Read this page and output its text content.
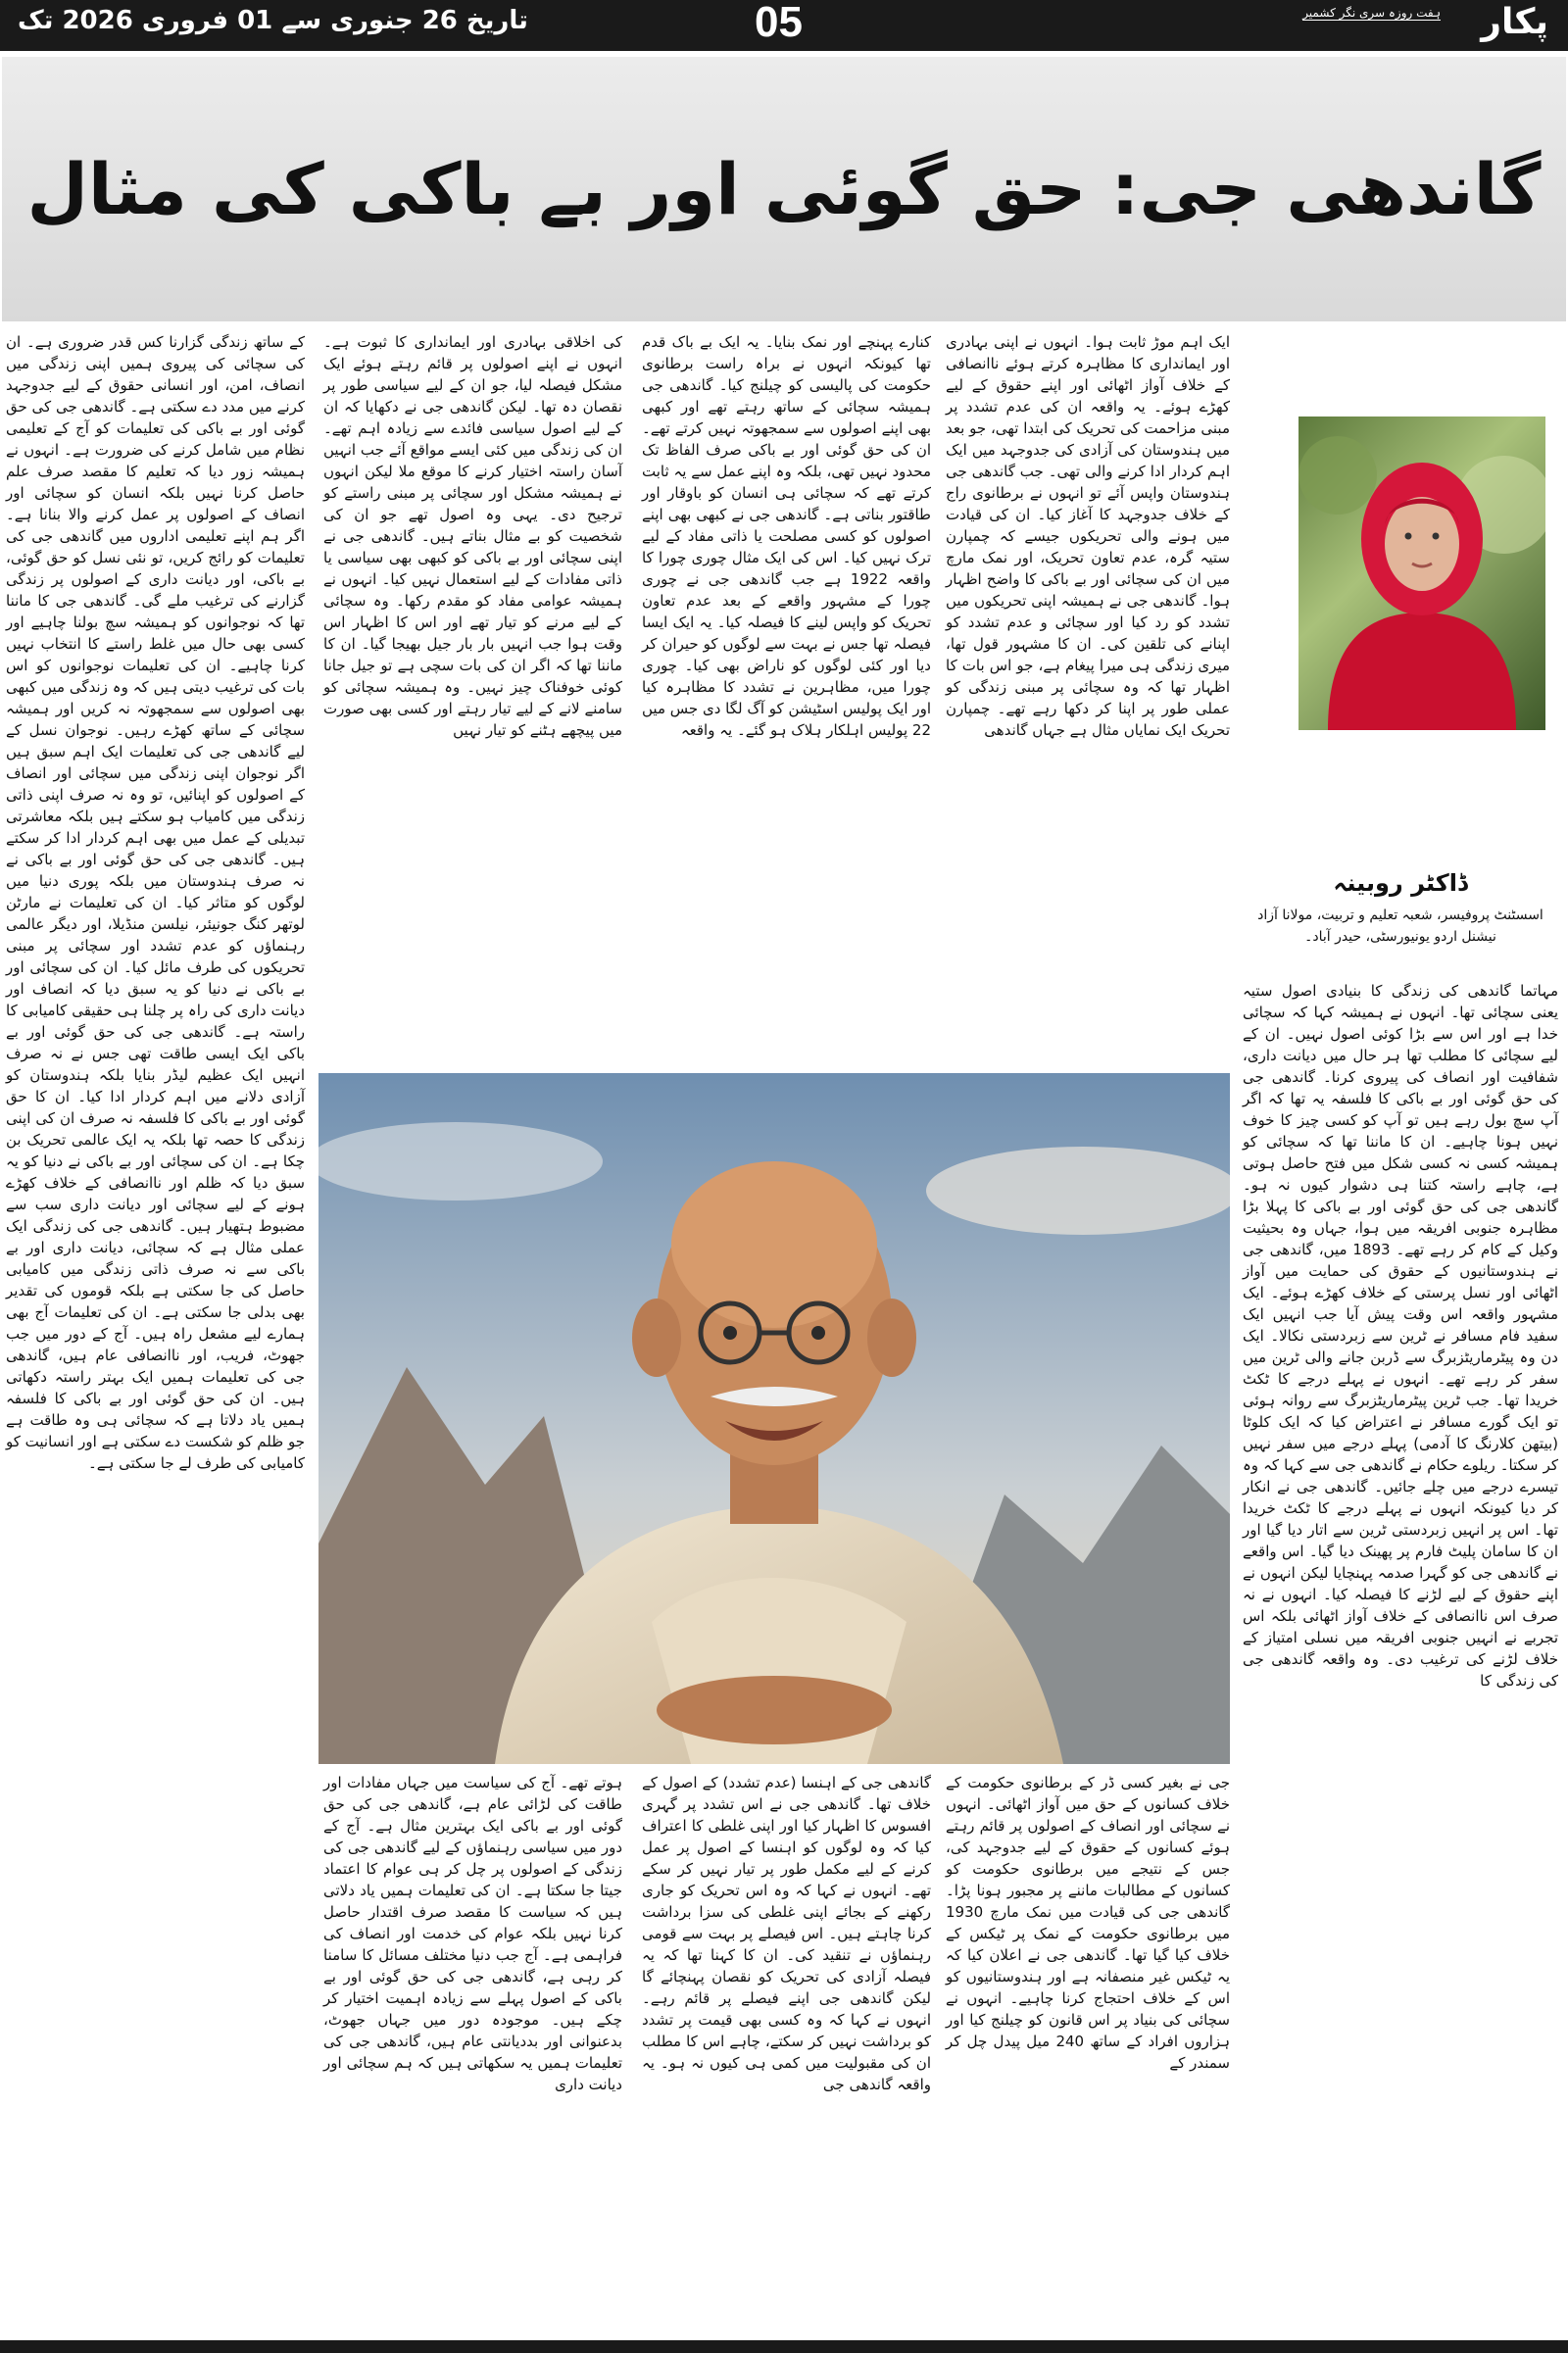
تاریخ 26 جنوری سے 01 فروری 2026 تک	05	ہفت روزہ سری نگر کشمیر پکار
گاندھی جی: حق گوئی اور بے باکی کی مثال
ڈاکٹر روبینہ
اسسٹنٹ پروفیسر، شعبہ تعلیم و تربیت، مولانا آزاد نیشنل اردو یونیورسٹی، حیدر آباد۔

مہاتما گاندھی کی زندگی کا بنیادی اصول ستیہ یعنی سچائی تھا۔ انہوں نے ہمیشہ کہا کہ سچائی خدا ہے اور اس سے بڑا کوئی اصول نہیں۔ ان کے لیے سچائی کا مطلب تھا ہر حال میں دیانت داری، شفافیت اور انصاف کی پیروی کرنا۔ گاندھی جی کی حق گوئی اور بے باکی کا فلسفہ یہ تھا کہ اگر آپ سچ بول رہے ہیں تو آپ کو کسی چیز کا خوف نہیں ہونا چاہیے۔ ان کا ماننا تھا کہ سچائی کو ہمیشہ کسی نہ کسی شکل میں فتح حاصل ہوتی ہے، چاہے راستہ کتنا ہی دشوار کیوں نہ ہو۔ گاندھی جی کی حق گوئی اور بے باکی کا پہلا بڑا مظاہرہ جنوبی افریقہ میں ہوا، جہاں وہ بحیثیت وکیل کے کام کر رہے تھے۔ 1893 میں، گاندھی جی نے ہندوستانیوں کے حقوق کی حمایت میں آواز اٹھائی اور نسل پرستی کے خلاف کھڑے ہوئے۔ ایک مشہور واقعہ اس وقت پیش آیا جب انہیں ایک سفید فام مسافر نے ٹرین سے زبردستی نکالا۔ ایک دن وہ پیٹرماریٹزبرگ سے ڈربن جانے والی ٹرین میں سفر کر رہے تھے۔ انہوں نے پہلے درجے کا ٹکٹ خریدا تھا۔ جب ٹرین پیٹرماریٹزبرگ سے روانہ ہوئی تو ایک گورے مسافر نے اعتراض کیا کہ ایک کلوٹا (بیتھن کلارنگ کا آدمی) پہلے درجے میں سفر نہیں کر سکتا۔ ریلوے حکام نے گاندھی جی سے کہا کہ وہ تیسرے درجے میں چلے جائیں۔ گاندھی جی نے انکار کر دیا کیونکہ انہوں نے پہلے درجے کا ٹکٹ خریدا تھا۔ اس پر انہیں زبردستی ٹرین سے اتار دیا گیا اور ان کا سامان پلیٹ فارم پر پھینک دیا گیا۔ اس واقعے نے گاندھی جی کو گہرا صدمہ پہنچایا لیکن انہوں نے اپنے حقوق کے لیے لڑنے کا فیصلہ کیا۔ انہوں نے نہ صرف اس ناانصافی کے خلاف آواز اٹھائی بلکہ اس تجربے نے انہیں جنوبی افریقہ میں نسلی امتیاز کے خلاف لڑنے کی ترغیب دی۔ وہ واقعہ گاندھی جی کی زندگی کا

ایک اہم موڑ ثابت ہوا۔ انہوں نے اپنی بہادری اور ایمانداری کا مظاہرہ کرتے ہوئے ناانصافی کے خلاف آواز اٹھائی اور اپنے حقوق کے لیے کھڑے ہوئے۔ یہ واقعہ ان کی عدم تشدد پر مبنی مزاحمت کی تحریک کی ابتدا تھی، جو بعد میں ہندوستان کی آزادی کی جدوجہد میں ایک اہم کردار ادا کرنے والی تھی۔ جب گاندھی جی ہندوستان واپس آئے تو انہوں نے برطانوی راج کے خلاف جدوجہد کا آغاز کیا۔ ان کی قیادت میں ہونے والی تحریکوں جیسے کہ چمپارن ستیہ گرہ، عدم تعاون تحریک، اور نمک مارچ میں ان کی سچائی اور بے باکی کا واضح اظہار ہوا۔ گاندھی جی نے ہمیشہ اپنی تحریکوں میں تشدد کو رد کیا اور سچائی و عدم تشدد کو اپنانے کی تلقین کی۔ ان کا مشہور قول تھا، میری زندگی ہی میرا پیغام ہے، جو اس بات کا اظہار تھا کہ وہ سچائی پر مبنی زندگی کو عملی طور پر اپنا کر دکھا رہے تھے۔ چمپارن تحریک ایک نمایاں مثال ہے جہاں گاندھی

کنارے پہنچے اور نمک بنایا۔ یہ ایک بے باک قدم تھا کیونکہ انہوں نے براہ راست برطانوی حکومت کی پالیسی کو چیلنج کیا۔ گاندھی جی ہمیشہ سچائی کے ساتھ رہتے تھے اور کبھی بھی اپنے اصولوں سے سمجھوتہ نہیں کرتے تھے۔ ان کی حق گوئی اور بے باکی صرف الفاظ تک محدود نہیں تھی، بلکہ وہ اپنے عمل سے یہ ثابت کرتے تھے کہ سچائی ہی انسان کو باوقار اور طاقتور بناتی ہے۔ گاندھی جی نے کبھی بھی اپنے اصولوں کو کسی مصلحت یا ذاتی مفاد کے لیے ترک نہیں کیا۔ اس کی ایک مثال چوری چورا کا واقعہ 1922 ہے جب گاندھی جی نے چوری چورا کے مشہور واقعے کے بعد عدم تعاون تحریک کو واپس لینے کا فیصلہ کیا۔ یہ ایک ایسا فیصلہ تھا جس نے بہت سے لوگوں کو حیران کر دیا اور کئی لوگوں کو ناراض بھی کیا۔ چوری چورا میں، مظاہرین نے تشدد کا مظاہرہ کیا اور ایک پولیس اسٹیشن کو آگ لگا دی جس میں 22 پولیس اہلکار ہلاک ہو گئے۔ یہ واقعہ

کی اخلاقی بہادری اور ایمانداری کا ثبوت ہے۔ انہوں نے اپنے اصولوں پر قائم رہتے ہوئے ایک مشکل فیصلہ لیا، جو ان کے لیے سیاسی طور پر نقصان دہ تھا۔ لیکن گاندھی جی نے دکھایا کہ ان کے لیے اصول سیاسی فائدے سے زیادہ اہم تھے۔ ان کی زندگی میں کئی ایسے مواقع آئے جب انہیں آسان راستہ اختیار کرنے کا موقع ملا لیکن انہوں نے ہمیشہ مشکل اور سچائی پر مبنی راستے کو ترجیح دی۔ یہی وہ اصول تھے جو ان کی شخصیت کو بے مثال بناتے ہیں۔ گاندھی جی نے اپنی سچائی اور بے باکی کو کبھی بھی سیاسی یا ذاتی مفادات کے لیے استعمال نہیں کیا۔ انہوں نے ہمیشہ عوامی مفاد کو مقدم رکھا۔ وہ سچائی کے لیے مرنے کو تیار تھے اور اس کا اظہار اس وقت ہوا جب انہیں بار بار جیل بھیجا گیا۔ ان کا ماننا تھا کہ اگر ان کی بات سچی ہے تو جیل جانا کوئی خوفناک چیز نہیں۔ وہ ہمیشہ سچائی کو سامنے لانے کے لیے تیار رہتے اور کسی بھی صورت میں پیچھے ہٹنے کو تیار نہیں

کے ساتھ زندگی گزارنا کس قدر ضروری ہے۔ ان کی سچائی کی پیروی ہمیں اپنی زندگی میں انصاف، امن، اور انسانی حقوق کے لیے جدوجہد کرنے میں مدد دے سکتی ہے۔ گاندھی جی کی حق گوئی اور بے باکی کی تعلیمات کو آج کے تعلیمی نظام میں شامل کرنے کی ضرورت ہے۔ انہوں نے ہمیشہ زور دیا کہ تعلیم کا مقصد صرف علم حاصل کرنا نہیں بلکہ انسان کو سچائی اور انصاف کے اصولوں پر عمل کرنے والا بنانا ہے۔ اگر ہم اپنے تعلیمی اداروں میں گاندھی جی کی تعلیمات کو رائج کریں، تو نئی نسل کو حق گوئی، بے باکی، اور دیانت داری کے اصولوں پر زندگی گزارنے کی ترغیب ملے گی۔ گاندھی جی کا ماننا تھا کہ نوجوانوں کو ہمیشہ سچ بولنا چاہیے اور کسی بھی حال میں غلط راستے کا انتخاب نہیں کرنا چاہیے۔ ان کی تعلیمات نوجوانوں کو اس بات کی ترغیب دیتی ہیں کہ وہ زندگی میں کبھی بھی اصولوں سے سمجھوتہ نہ کریں اور ہمیشہ سچائی کے ساتھ کھڑے رہیں۔ نوجوان نسل کے لیے گاندھی جی کی تعلیمات ایک اہم سبق ہیں اگر نوجوان اپنی زندگی میں سچائی اور انصاف کے اصولوں کو اپنائیں، تو وہ نہ صرف اپنی ذاتی زندگی میں کامیاب ہو سکتے ہیں بلکہ معاشرتی تبدیلی کے عمل میں بھی اہم کردار ادا کر سکتے ہیں۔ گاندھی جی کی حق گوئی اور بے باکی نے نہ صرف ہندوستان میں بلکہ پوری دنیا میں لوگوں کو متاثر کیا۔ ان کی تعلیمات نے مارٹن لوتھر کنگ جونیئر، نیلسن منڈیلا، اور دیگر عالمی رہنماؤں کو عدم تشدد اور سچائی پر مبنی تحریکوں کی طرف مائل کیا۔ ان کی سچائی اور بے باکی نے دنیا کو یہ سبق دیا کہ انصاف اور دیانت داری کی راہ پر چلنا ہی حقیقی کامیابی کا راستہ ہے۔ گاندھی جی کی حق گوئی اور بے باکی ایک ایسی طاقت تھی جس نے نہ صرف انہیں ایک عظیم لیڈر بنایا بلکہ ہندوستان کو آزادی دلانے میں اہم کردار ادا کیا۔ ان کا حق گوئی اور بے باکی کا فلسفہ نہ صرف ان کی اپنی زندگی کا حصہ تھا بلکہ یہ ایک عالمی تحریک بن چکا ہے۔ ان کی سچائی اور بے باکی نے دنیا کو یہ سبق دیا کہ ظلم اور ناانصافی کے خلاف کھڑے ہونے کے لیے سچائی اور دیانت داری سب سے مضبوط ہتھیار ہیں۔ گاندھی جی کی زندگی ایک عملی مثال ہے کہ سچائی، دیانت داری اور بے باکی سے نہ صرف ذاتی زندگی میں کامیابی حاصل کی جا سکتی ہے بلکہ قوموں کی تقدیر بھی بدلی جا سکتی ہے۔ ان کی تعلیمات آج بھی ہمارے لیے مشعل راہ ہیں۔ آج کے دور میں جب جھوٹ، فریب، اور ناانصافی عام ہیں، گاندھی جی کی تعلیمات ہمیں ایک بہتر راستہ دکھاتی ہیں۔ ان کی حق گوئی اور بے باکی کا فلسفہ ہمیں یاد دلاتا ہے کہ سچائی ہی وہ طاقت ہے جو ظلم کو شکست دے سکتی ہے اور انسانیت کو کامیابی کی طرف لے جا سکتی ہے۔

جی نے بغیر کسی ڈر کے برطانوی حکومت کے خلاف کسانوں کے حق میں آواز اٹھائی۔ انہوں نے سچائی اور انصاف کے اصولوں پر قائم رہتے ہوئے کسانوں کے حقوق کے لیے جدوجہد کی، جس کے نتیجے میں برطانوی حکومت کو کسانوں کے مطالبات ماننے پر مجبور ہونا پڑا۔ گاندھی جی کی قیادت میں نمک مارچ 1930 میں برطانوی حکومت کے نمک پر ٹیکس کے خلاف کیا گیا تھا۔ گاندھی جی نے اعلان کیا کہ یہ ٹیکس غیر منصفانہ ہے اور ہندوستانیوں کو اس کے خلاف احتجاج کرنا چاہیے۔ انہوں نے سچائی کی بنیاد پر اس قانون کو چیلنج کیا اور ہزاروں افراد کے ساتھ 240 میل پیدل چل کر سمندر کے

گاندھی جی کے اہنسا (عدم تشدد) کے اصول کے خلاف تھا۔ گاندھی جی نے اس تشدد پر گہری افسوس کا اظہار کیا اور اپنی غلطی کا اعتراف کیا کہ وہ لوگوں کو اہنسا کے اصول پر عمل کرنے کے لیے مکمل طور پر تیار نہیں کر سکے تھے۔ انہوں نے کہا کہ وہ اس تحریک کو جاری رکھنے کے بجائے اپنی غلطی کی سزا برداشت کرنا چاہتے ہیں۔ اس فیصلے پر بہت سے قومی رہنماؤں نے تنقید کی۔ ان کا کہنا تھا کہ یہ فیصلہ آزادی کی تحریک کو نقصان پہنچائے گا لیکن گاندھی جی اپنے فیصلے پر قائم رہے۔ انہوں نے کہا کہ وہ کسی بھی قیمت پر تشدد کو برداشت نہیں کر سکتے، چاہے اس کا مطلب ان کی مقبولیت میں کمی ہی کیوں نہ ہو۔ یہ واقعہ گاندھی جی

ہوتے تھے۔ آج کی سیاست میں جہاں مفادات اور طاقت کی لڑائی عام ہے، گاندھی جی کی حق گوئی اور بے باکی ایک بہترین مثال ہے۔ آج کے دور میں سیاسی رہنماؤں کے لیے گاندھی جی کی زندگی کے اصولوں پر چل کر ہی عوام کا اعتماد جیتا جا سکتا ہے۔ ان کی تعلیمات ہمیں یاد دلاتی ہیں کہ سیاست کا مقصد صرف اقتدار حاصل کرنا نہیں بلکہ عوام کی خدمت اور انصاف کی فراہمی ہے۔ آج جب دنیا مختلف مسائل کا سامنا کر رہی ہے، گاندھی جی کی حق گوئی اور بے باکی کے اصول پہلے سے زیادہ اہمیت اختیار کر چکے ہیں۔ موجودہ دور میں جہاں جھوٹ، بدعنوانی اور بددیانتی عام ہیں، گاندھی جی کی تعلیمات ہمیں یہ سکھاتی ہیں کہ ہم سچائی اور دیانت داری
